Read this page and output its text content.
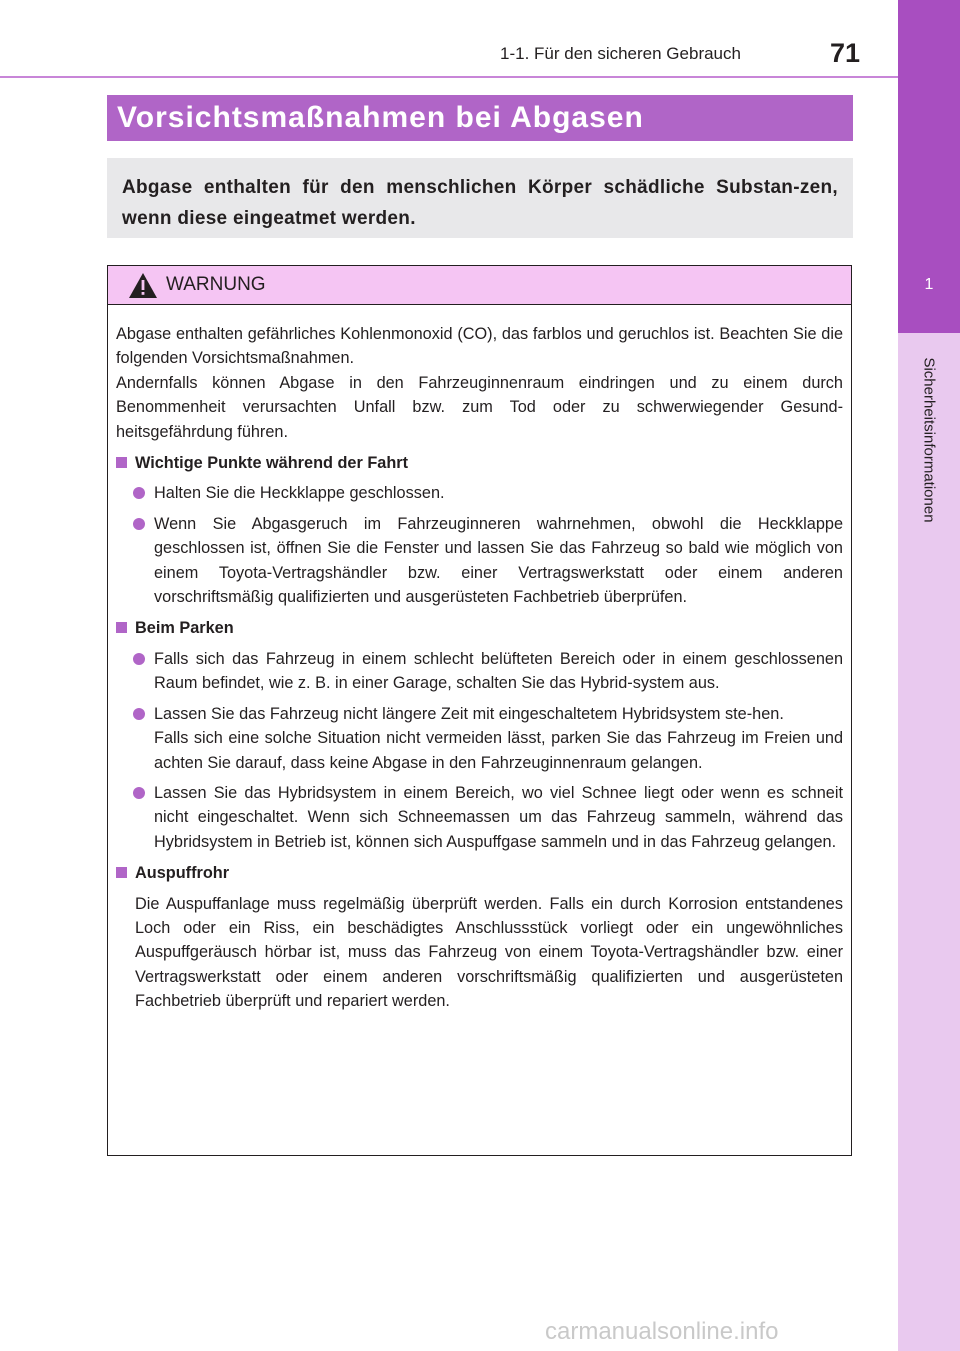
1
Sicherheitsinformationen
1-1. Für den sicheren Gebrauch	71
Vorsichtsmaßnahmen bei Abgasen
Abgase enthalten für den menschlichen Körper schädliche Substan-zen, wenn diese eingeatmet werden.
WARNUNG

Abgase enthalten gefährliches Kohlenmonoxid (CO), das farblos und geruchlos ist. Beachten Sie die folgenden Vorsichtsmaßnahmen.

Andernfalls können Abgase in den Fahrzeuginnenraum eindringen und zu einem durch Benommenheit verursachten Unfall bzw. zum Tod oder zu schwerwiegender Gesund-heitsgefährdung führen.

Wichtige Punkte während der Fahrt
Halten Sie die Heckklappe geschlossen.
Wenn Sie Abgasgeruch im Fahrzeuginneren wahrnehmen, obwohl die Heckklappe geschlossen ist, öffnen Sie die Fenster und lassen Sie das Fahrzeug so bald wie möglich von einem Toyota-Vertragshändler bzw. einer Vertragswerkstatt oder einem anderen vorschriftsmäßig qualifizierten und ausgerüsteten Fachbetrieb überprüfen.
Beim Parken
Falls sich das Fahrzeug in einem schlecht belüfteten Bereich oder in einem geschlossenen Raum befindet, wie z. B. in einer Garage, schalten Sie das Hybrid-system aus.
Lassen Sie das Fahrzeug nicht längere Zeit mit eingeschaltetem Hybridsystem ste-hen.
Falls sich eine solche Situation nicht vermeiden lässt, parken Sie das Fahrzeug im Freien und achten Sie darauf, dass keine Abgase in den Fahrzeuginnenraum gelangen.
Lassen Sie das Hybridsystem in einem Bereich, wo viel Schnee liegt oder wenn es schneit nicht eingeschaltet. Wenn sich Schneemassen um das Fahrzeug sammeln, während das Hybridsystem in Betrieb ist, können sich Auspuffgase sammeln und in das Fahrzeug gelangen.
Auspuffrohr
Die Auspuffanlage muss regelmäßig überprüft werden. Falls ein durch Korrosion entstandenes Loch oder ein Riss, ein beschädigtes Anschlussstück vorliegt oder ein ungewöhnliches Auspuffgeräusch hörbar ist, muss das Fahrzeug von einem Toyota-Vertragshändler bzw. einer Vertragswerkstatt oder einem anderen vorschriftsmäßig qualifizierten und ausgerüsteten Fachbetrieb überprüft und repariert werden.
carmanualsonline.info
